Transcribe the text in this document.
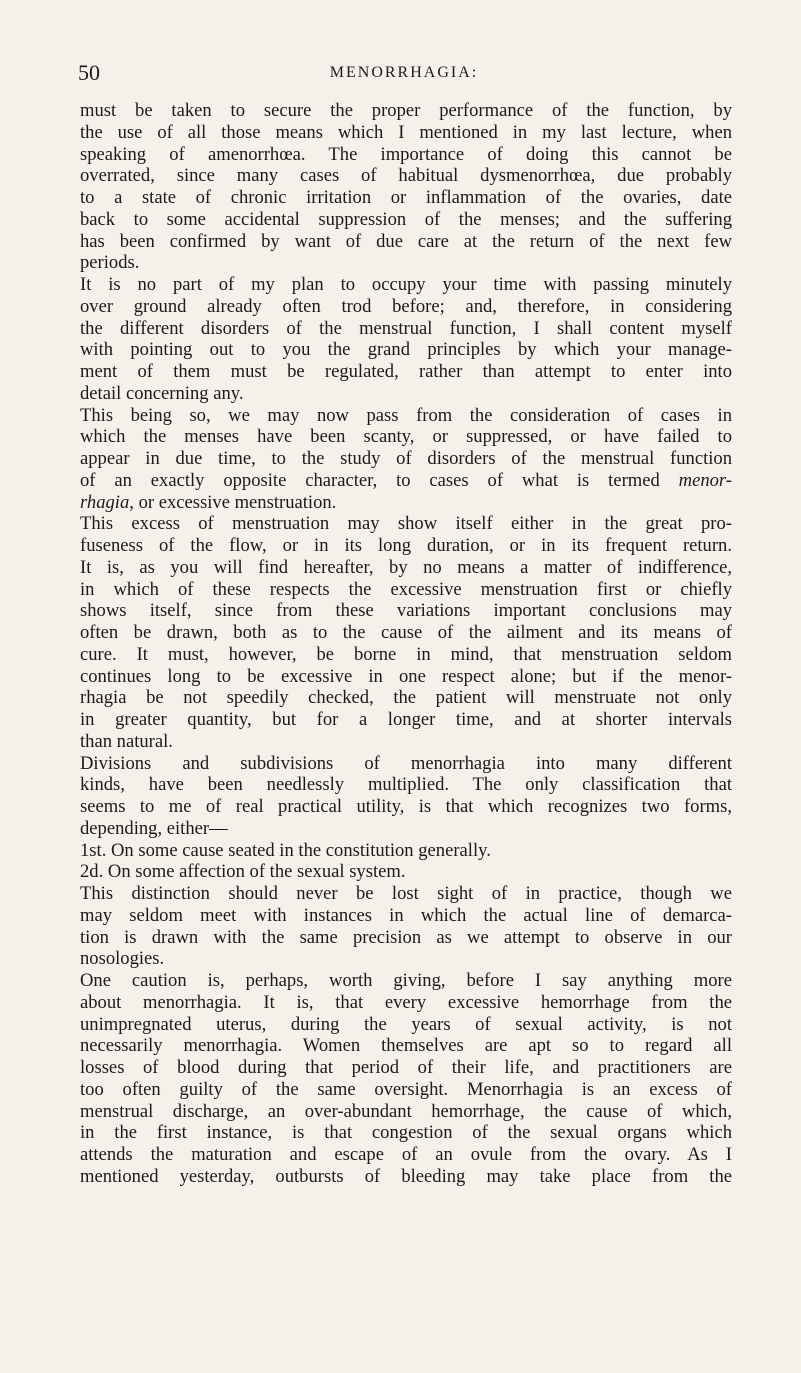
50	MENORRHAGIA:
must be taken to secure the proper performance of the function, by
the use of all those means which I mentioned in my last lecture, when
speaking of amenorrhœa. The importance of doing this cannot be
overrated, since many cases of habitual dysmenorrhœa, due probably
to a state of chronic irritation or inflammation of the ovaries, date
back to some accidental suppression of the menses; and the suffering
has been confirmed by want of due care at the return of the next few
periods.
It is no part of my plan to occupy your time with passing minutely
over ground already often trod before; and, therefore, in considering
the different disorders of the menstrual function, I shall content myself
with pointing out to you the grand principles by which your manage-
ment of them must be regulated, rather than attempt to enter into
detail concerning any.
This being so, we may now pass from the consideration of cases in
which the menses have been scanty, or suppressed, or have failed to
appear in due time, to the study of disorders of the menstrual function
of an exactly opposite character, to cases of what is termed menor-
rhagia, or excessive menstruation.
This excess of menstruation may show itself either in the great pro-
fuseness of the flow, or in its long duration, or in its frequent return.
It is, as you will find hereafter, by no means a matter of indifference,
in which of these respects the excessive menstruation first or chiefly
shows itself, since from these variations important conclusions may
often be drawn, both as to the cause of the ailment and its means of
cure. It must, however, be borne in mind, that menstruation seldom
continues long to be excessive in one respect alone; but if the menor-
rhagia be not speedily checked, the patient will menstruate not only
in greater quantity, but for a longer time, and at shorter intervals
than natural.
Divisions and subdivisions of menorrhagia into many different
kinds, have been needlessly multiplied. The only classification that
seems to me of real practical utility, is that which recognizes two forms,
depending, either—
1st. On some cause seated in the constitution generally.
2d. On some affection of the sexual system.
This distinction should never be lost sight of in practice, though we
may seldom meet with instances in which the actual line of demarca-
tion is drawn with the same precision as we attempt to observe in our
nosologies.
One caution is, perhaps, worth giving, before I say anything more
about menorrhagia. It is, that every excessive hemorrhage from the
unimpregnated uterus, during the years of sexual activity, is not
necessarily menorrhagia. Women themselves are apt so to regard all
losses of blood during that period of their life, and practitioners are
too often guilty of the same oversight. Menorrhagia is an excess of
menstrual discharge, an over-abundant hemorrhage, the cause of which,
in the first instance, is that congestion of the sexual organs which
attends the maturation and escape of an ovule from the ovary. As I
mentioned yesterday, outbursts of bleeding may take place from the
